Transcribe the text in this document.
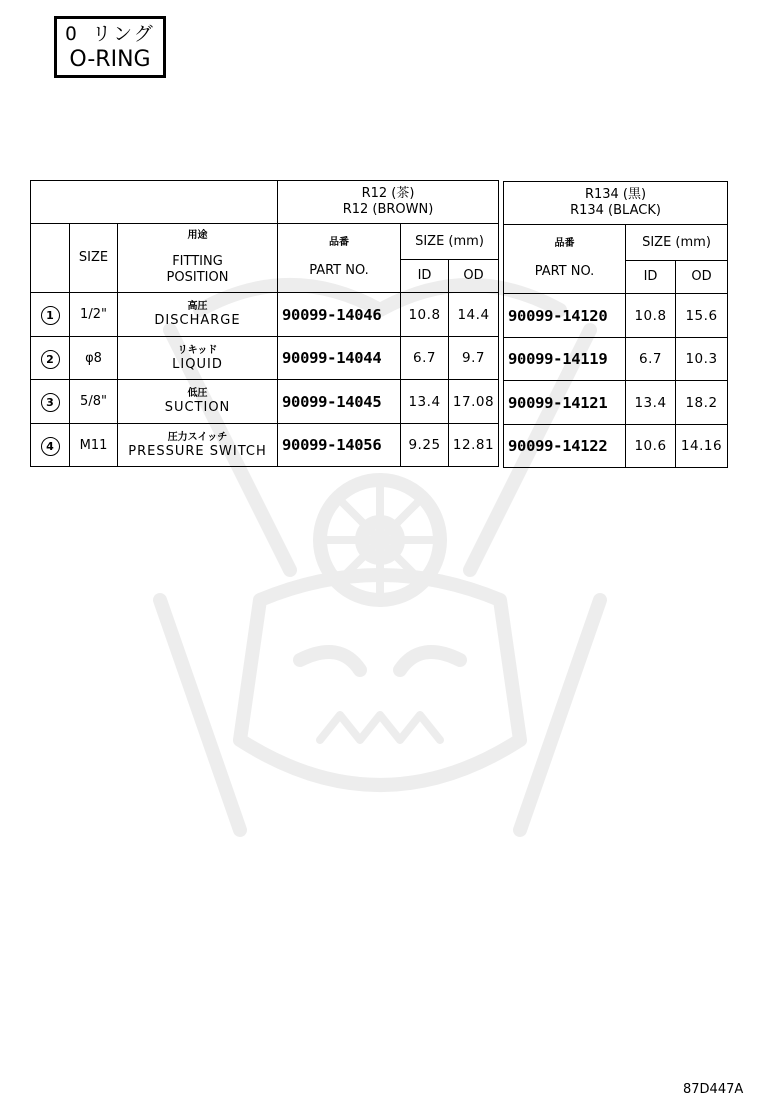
O リング
O-RING

			R12 (茶)
R12 (BROWN)		

	SIZE	用途
FITTING
POSITION	品番
PART NO.	SIZE (mm)	
				ID	OD
1	1/2"	高圧
DISCHARGE	90099-14046	10.8	14.4
2	φ8	リキッド
LIQUID	90099-14044	6.7	9.7
3	5/8"	低圧
SUCTION	90099-14045	13.4	17.08
4	M11	圧力スイッチ
PRESSURE SWITCH	90099-14056	9.25	12.81
R134 (黒)
R134 (BLACK)		

品番
PART NO.	SIZE (mm)	
	ID	OD
90099-14120	10.8	15.6
90099-14119	6.7	10.3
90099-14121	13.4	18.2
90099-14122	10.6	14.16
87D447A
